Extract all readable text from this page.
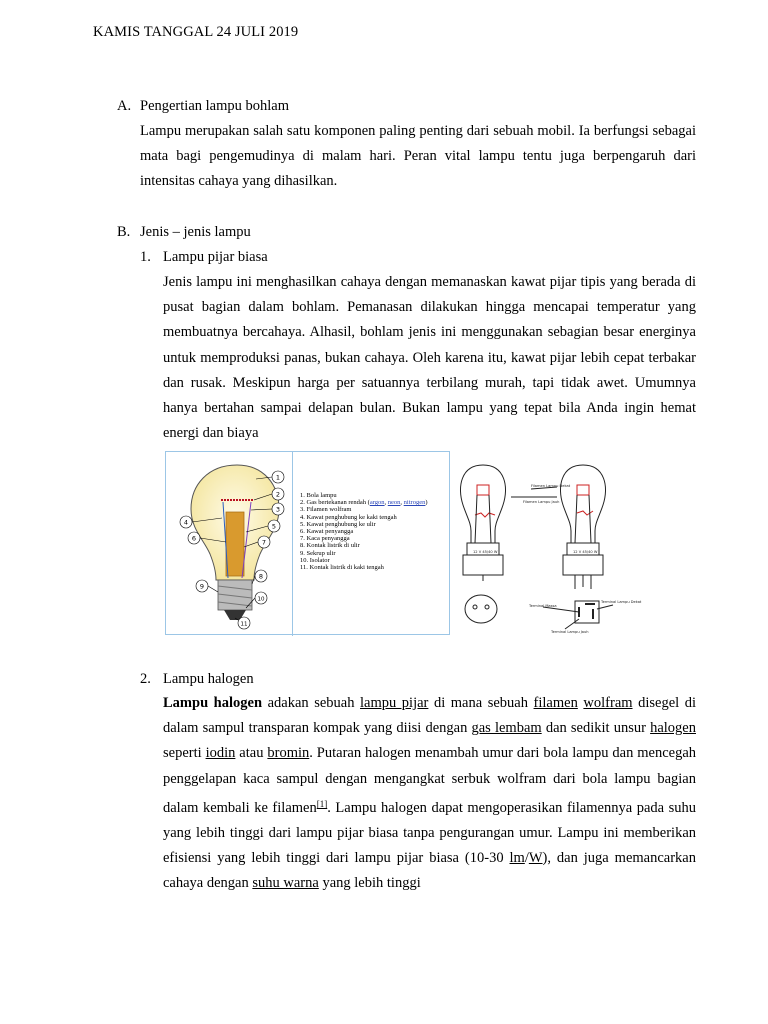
KAMIS TANGGAL 24 JULI 2019
A. Pengertian lampu bohlam

Lampu merupakan salah satu komponen paling penting dari sebuah mobil. Ia berfungsi sebagai mata bagi pengemudinya di malam hari. Peran vital lampu tentu juga berpengaruh dari intensitas cahaya yang dihasilkan.

B. Jenis – jenis lampu
1. Lampu pijar biasa

Jenis lampu ini menghasilkan cahaya dengan memanaskan kawat pijar tipis yang berada di pusat bagian dalam bohlam. Pemanasan dilakukan hingga mencapai temperatur yang membuatnya bercahaya. Alhasil, bohlam jenis ini menggunakan sebagian besar energinya untuk memproduksi panas, bukan cahaya. Oleh karena itu, kawat pijar lebih cepat terbakar dan rusak. Meskipun harga per satuannya terbilang murah, tapi tidak awet. Umumnya hanya bertahan sampai delapan bulan. Bukan lampu yang tepat bila Anda ingin hemat energi dan biaya

1
2
3
4	5
6	7
8
9
10
11
1. Bola lampu
2. Gas bertekanan rendah (argon, neon, nitrogen)
3. Filamen wolfram
4. Kawat penghubung ke kaki tengah
5. Kawat penghubung ke ulir
6. Kawat penyangga
7. Kaca penyangga
8. Kontak listrik di ulir
9. Sekrup ulir
10. Isolator
11. Kontak listrik di kaki tengah
Filamen Lampu Dekat
Filamen Lampu Jauh
12 V 45/40 W	12 V 45/40 W
Terminal Massa
Terminal Lampu Dekat
Terminal Lampu Jauh
2. Lampu halogen

Lampu halogen adakan sebuah lampu pijar di mana sebuah filamen wolfram disegel di dalam sampul transparan kompak yang diisi dengan gas lembam dan sedikit unsur halogen seperti iodin atau bromin. Putaran halogen menambah umur dari bola lampu dan mencegah penggelapan kaca sampul dengan mengangkat serbuk wolfram dari bola lampu bagian dalam kembali ke filamen[1]. Lampu halogen dapat mengoperasikan filamennya pada suhu yang lebih tinggi dari lampu pijar biasa tanpa pengurangan umur. Lampu ini memberikan efisiensi yang lebih tinggi dari lampu pijar biasa (10-30 lm/W), dan juga memancarkan cahaya dengan suhu warna yang lebih tinggi
